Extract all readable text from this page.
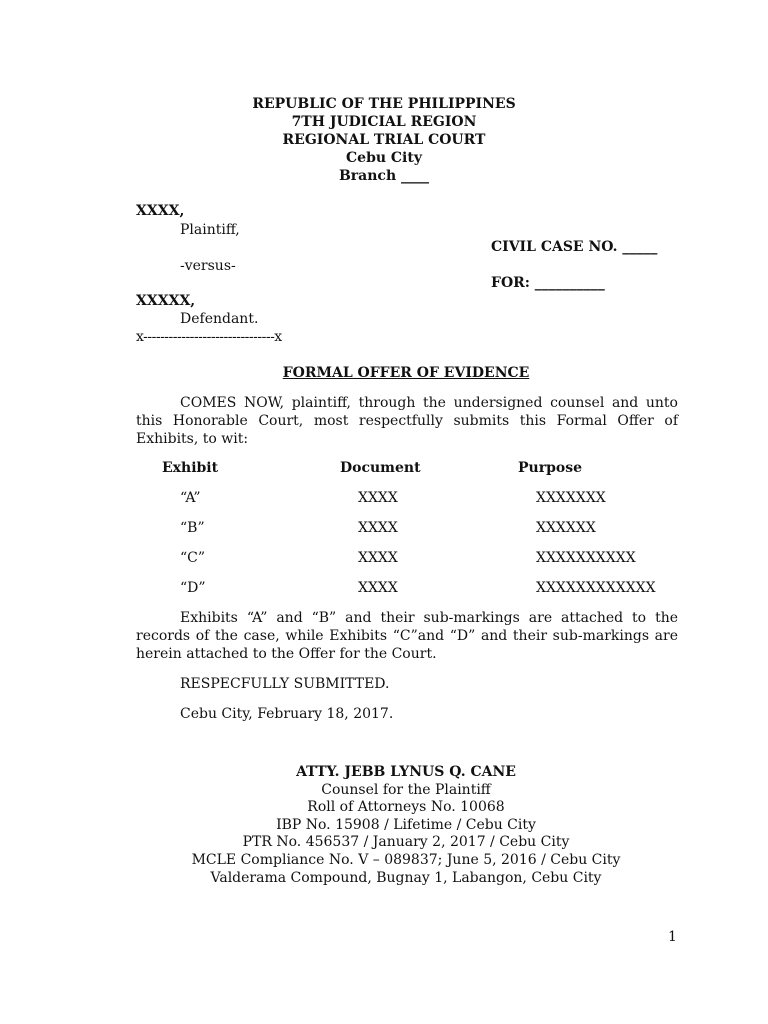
REPUBLIC OF THE PHILIPPINES
7TH JUDICIAL REGION
REGIONAL TRIAL COURT
Cebu City
Branch ____
XXXX,
Plaintiff,
CIVIL CASE NO. _____
-versus-
FOR: __________
XXXXX,
Defendant.
x-------------------------------x
FORMAL OFFER OF EVIDENCE
COMES NOW, plaintiff, through the undersigned counsel and unto this Honorable Court, most respectfully submits this Formal Offer of Exhibits, to wit:
Exhibit	Document	Purpose
“A”	XXXX	XXXXXXX
“B”	XXXX	XXXXXX
“C”	XXXX	XXXXXXXXXX
“D”	XXXX	XXXXXXXXXXXX
Exhibits “A” and “B” and their sub-markings are attached to the records of the case, while Exhibits “C”and “D” and their sub-markings are herein attached to the Offer for the Court.
RESPECFULLY SUBMITTED.
Cebu City, February 18, 2017.
ATTY. JEBB LYNUS Q. CANE
Counsel for the Plaintiff
Roll of Attorneys No. 10068
IBP No. 15908 / Lifetime / Cebu City
PTR No. 456537 / January 2, 2017 / Cebu City
MCLE Compliance No. V – 089837; June 5, 2016 / Cebu City
Valderama Compound, Bugnay 1, Labangon, Cebu City
1
